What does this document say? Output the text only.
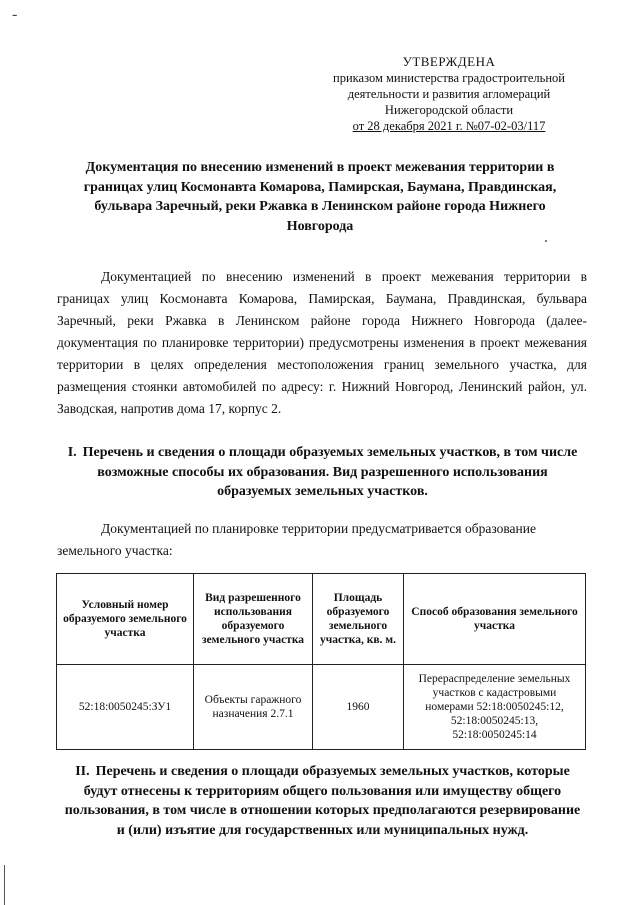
-
УТВЕРЖДЕНА
приказом министерства градостроительной
деятельности и развития агломераций
Нижегородской области
от 28 декабря 2021 г. №07-02-03/117
Документация по внесению изменений в проект межевания территории в границах улиц Космонавта Комарова, Памирская, Баумана, Правдинская, бульвара Заречный, реки Ржавка в Ленинском районе города Нижнего Новгорода

Документацией по внесению изменений в проект межевания территории в границах улиц Космонавта Комарова, Памирская, Баумана, Правдинская, бульвара Заречный, реки Ржавка в Ленинском районе города Нижнего Новгорода (далее-документация по планировке территории) предусмотрены изменения в проект межевания территории в целях определения местоположения границ земельного участка, для размещения стоянки автомобилей по адресу: г. Нижний Новгород, Ленинский район, ул. Заводская, напротив дома 17, корпус 2.

I. Перечень и сведения о площади образуемых земельных участков, в том числе возможные способы их образования. Вид разрешенного использования образуемых земельных участков.

Документацией по планировке территории предусматривается образование земельного участка:

Условный номер образуемого земельного участка	Вид разрешенного использования образуемого земельного участка	Площадь образуемого земельного участка, кв. м.	Способ образования земельного участка
52:18:0050245:ЗУ1	Объекты гаражного назначения 2.7.1	1960	Перераспределение земельных участков с кадастровыми номерами 52:18:0050245:12, 52:18:0050245:13, 52:18:0050245:14
II. Перечень и сведения о площади образуемых земельных участков, которые будут отнесены к территориям общего пользования или имуществу общего пользования, в том числе в отношении которых предполагаются резервирование и (или) изъятие для государственных или муниципальных нужд.
